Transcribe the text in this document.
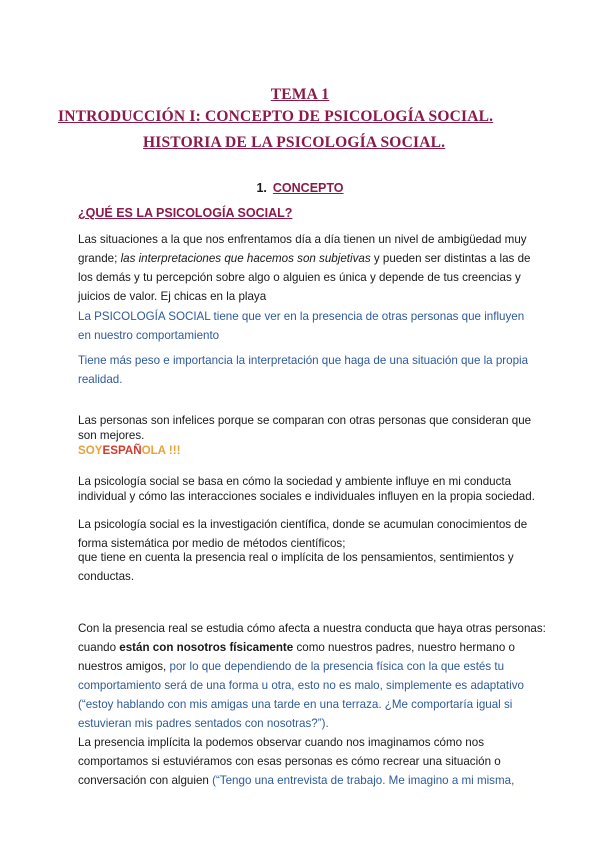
TEMA 1
INTRODUCCIÓN I: CONCEPTO DE PSICOLOGÍA SOCIAL.
HISTORIA DE LA PSICOLOGÍA SOCIAL.
1. CONCEPTO
¿QUÉ ES LA PSICOLOGÍA SOCIAL?
Las situaciones a la que nos enfrentamos día a día tienen un nivel de ambigüedad muy grande; las interpretaciones que hacemos son subjetivas y pueden ser distintas a las de los demás y tu percepción sobre algo o alguien es única y depende de tus creencias y juicios de valor. Ej chicas en la playa
La PSICOLOGÍA SOCIAL tiene que ver en la presencia de otras personas que influyen en nuestro comportamiento
Tiene más peso e importancia la interpretación que haga de una situación que la propia realidad.
Las personas son infelices porque se comparan con otras personas que consideran que son mejores.
SOYESPAÑOLA !!!
La psicología social se basa en cómo la sociedad y ambiente influye en mi conducta individual y cómo las interacciones sociales e individuales influyen en la propia sociedad.
La psicología social es la investigación científica, donde se acumulan conocimientos de forma sistemática por medio de métodos científicos;
que tiene en cuenta la presencia real o implícita de los pensamientos, sentimientos y conductas.
Con la presencia real se estudia cómo afecta a nuestra conducta que haya otras personas: cuando están con nosotros físicamente como nuestros padres, nuestro hermano o nuestros amigos, por lo que dependiendo de la presencia física con la que estés tu comportamiento será de una forma u otra, esto no es malo, simplemente es adaptativo (“estoy hablando con mis amigas una tarde en una terraza. ¿Me comportaría igual si estuvieran mis padres sentados con nosotras?”).
La presencia implícita la podemos observar cuando nos imaginamos cómo nos comportamos si estuviéramos con esas personas es cómo recrear una situación o conversación con alguien (“Tengo una entrevista de trabajo. Me imagino a mi misma,
